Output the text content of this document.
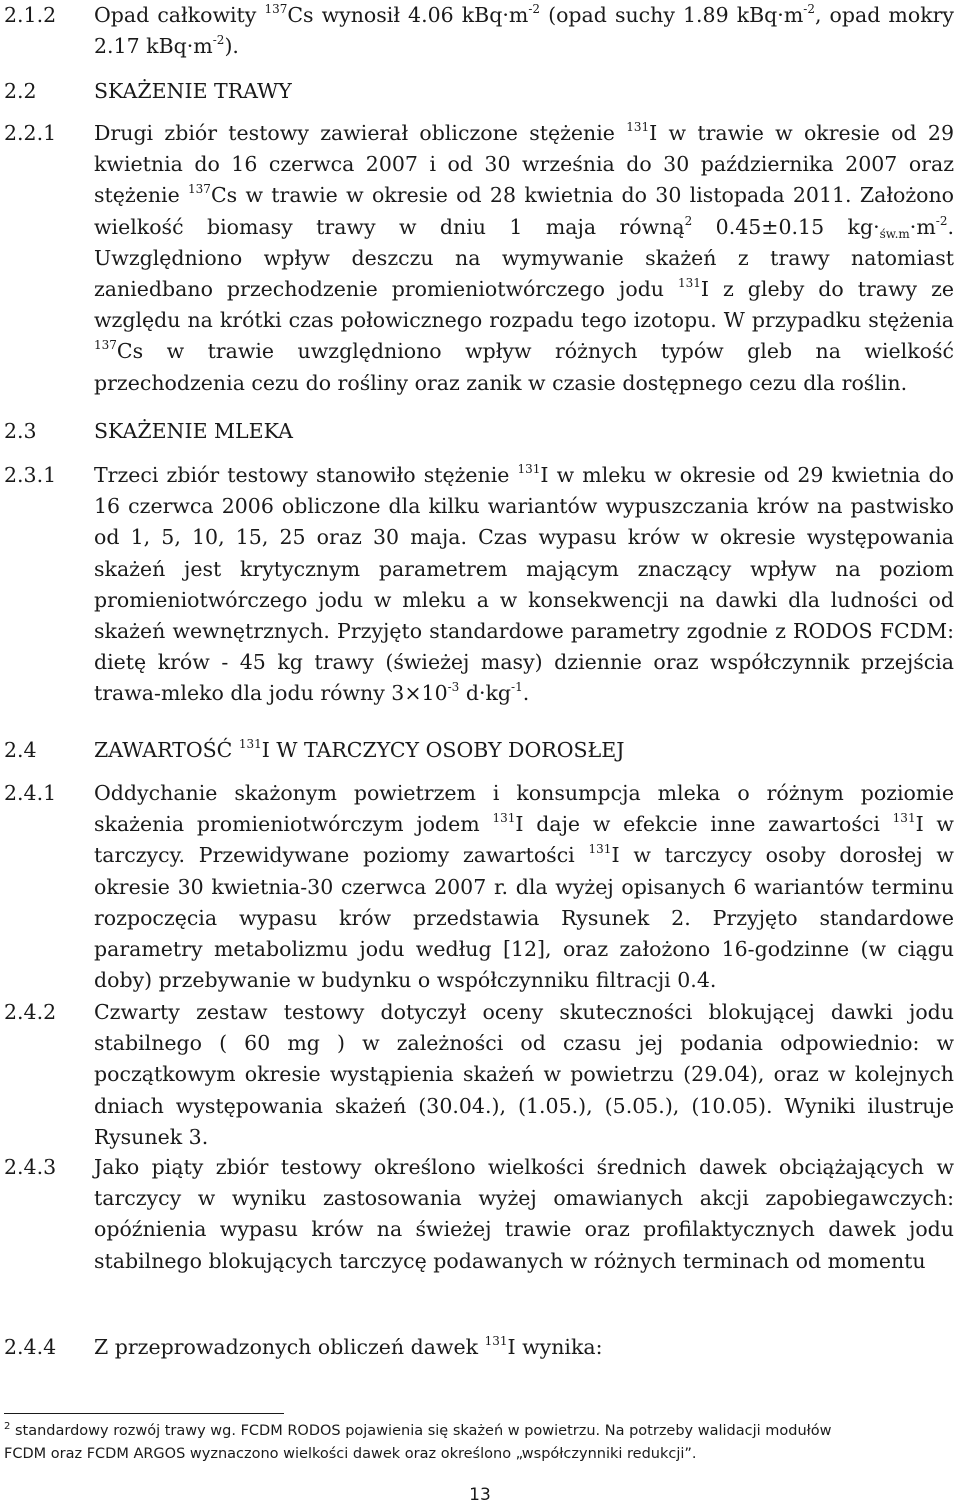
2.1.2 Opad całkowity $^{137}$Cs wynosił 4.06 $kBq\cdot m^{-2}$ (opad suchy 1.89 $kBq\cdot m^{-2}$, opad mokry 2.17 $kBq\cdot m^{-2}$).
2.2	SKAŻENIE TRAWY
2.2.1 Drugi zbiór testowy zawierał obliczone stężenie $^{131}$I w trawie w okresie od 29 kwietnia do 16 czerwca 2007 i od 30 września do 30 października 2007 oraz stężenie $^{137}$Cs w trawie w okresie od 28 kwietnia do 30 listopada 2011. Założono wielkość biomasy trawy w dniu 1 maja równą$^2$ 0.45±0.15 $kg\cdot_{św.m}\cdot m^{-2}$. Uwzględniono wpływ deszczu na wymywanie skażeń z trawy natomiast zaniedbano przechodzenie promieniotwórczego jodu $^{131}$I z gleby do trawy ze względu na krótki czas połowicznego rozpadu tego izotopu. W przypadku stężenia $^{137}$Cs w trawie uwzględniono wpływ różnych typów gleb na wielkość przechodzenia cezu do rośliny oraz zanik w czasie dostępnego cezu dla roślin.
2.3	SKAŻENIE MLEKA
2.3.1 Trzeci zbiór testowy stanowiło stężenie $^{131}$I w mleku w okresie od 29 kwietnia do 16 czerwca 2006 obliczone dla kilku wariantów wypuszczania krów na pastwisko od 1, 5, 10, 15, 25 oraz 30 maja. Czas wypasu krów w okresie występowania skażeń jest krytycznym parametrem mającym znaczący wpływ na poziom promieniotwórczego jodu w mleku a w konsekwencji na dawki dla ludności od skażeń wewnętrznych. Przyjęto standardowe parametry zgodnie z RODOS FCDM: dietę krów - 45 kg trawy (świeżej masy) dziennie oraz współczynnik przejścia trawa-mleko dla jodu równy $3\times 10^{-3}$ $d\cdot kg^{-1}$.
2.4	ZAWARTOŚĆ $^{131}$I W TARCZYCY OSOBY DOROSŁEJ
2.4.1 Oddychanie skażonym powietrzem i konsumpcja mleka o różnym poziomie skażenia promieniotwórczym jodem $^{131}$I daje w efekcie inne zawartości $^{131}$I w tarczycy. Przewidywane poziomy zawartości $^{131}$I w tarczycy osoby dorosłej w okresie 30 kwietnia-30 czerwca 2007 r. dla wyżej opisanych 6 wariantów terminu rozpoczęcia wypasu krów przedstawia Rysunek 2. Przyjęto standardowe parametry metabolizmu jodu według [12], oraz założono 16-godzinne (w ciągu doby) przebywanie w budynku o współczynniku filtracji 0.4.
2.4.2 Czwarty zestaw testowy dotyczył oceny skuteczności blokującej dawki jodu stabilnego ( 60 mg ) w zależności od czasu jej podania odpowiednio: w początkowym okresie wystąpienia skażeń w powietrzu (29.04), oraz w kolejnych dniach występowania skażeń (30.04.), (1.05.), (5.05.), (10.05). Wyniki ilustruje Rysunek 3.
2.4.3 Jako piąty zbiór testowy określono wielkości średnich dawek obciążających w tarczycy w wyniku zastosowania wyżej omawianych akcji zapobiegawczych: opóźnienia wypasu krów na świeżej trawie oraz profilaktycznych dawek jodu stabilnego blokujących tarczycę podawanych w różnych terminach od momentu
2.4.4 Z przeprowadzonych obliczeń dawek $^{131}$I wynika:
$^2$ standardowy rozwój trawy wg. FCDM RODOS pojawienia się skażeń w powietrzu. Na potrzeby walidacji modułów
FCDM oraz FCDM ARGOS wyznaczono wielkości dawek oraz określono „współczynniki redukcji”.
13
